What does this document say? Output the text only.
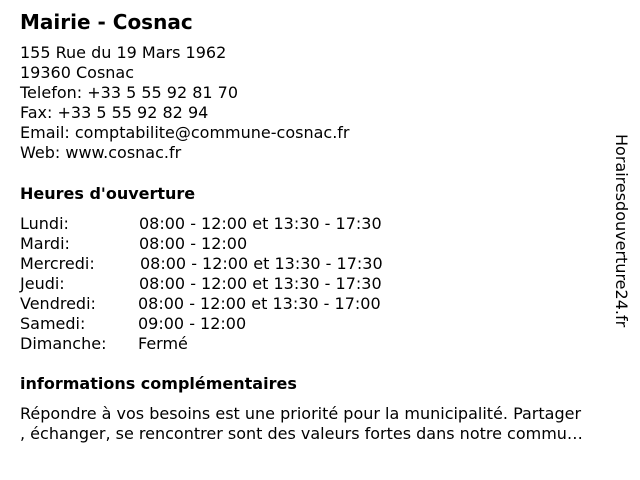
Mairie - Cosnac
155 Rue du 19 Mars 1962
19360 Cosnac
Telefon: +33 5 55 92 81 70
Fax: +33 5 55 92 82 94
Email: comptabilite@commune-cosnac.fr
Web: www.cosnac.fr
Heures d'ouverture
Lundi:	08:00 - 12:00 et 13:30 - 17:30
Mardi:	08:00 - 12:00
Mercredi:	08:00 - 12:00 et 13:30 - 17:30
Jeudi:	08:00 - 12:00 et 13:30 - 17:30
Vendredi:	08:00 - 12:00 et 13:30 - 17:00
Samedi:	09:00 - 12:00
Dimanche:	Fermé
informations complémentaires
Répondre à vos besoins est une priorité pour la municipalité. Partager
, échanger, se rencontrer sont des valeurs fortes dans notre commu…
Horairesdouverture24.fr
